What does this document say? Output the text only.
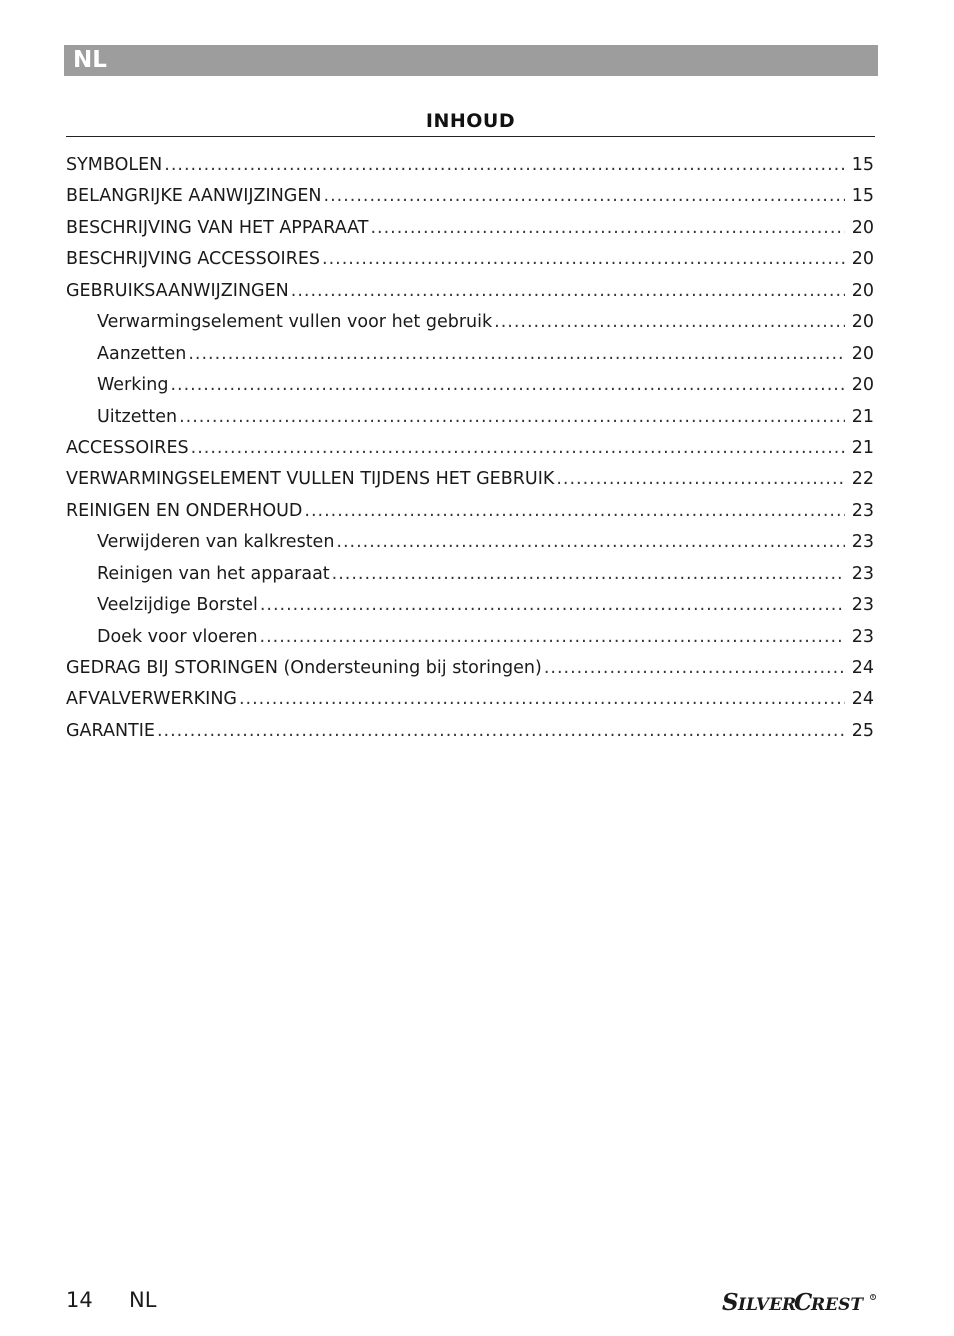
NL
INHOUD
SYMBOLEN .....	15
BELANGRIJKE AANWIJZINGEN .....	15
BESCHRIJVING VAN HET APPARAAT .....	20
BESCHRIJVING ACCESSOIRES .....	20
GEBRUIKSAANWIJZINGEN .....	20
Verwarmingselement vullen voor het gebruik .....	20
Aanzetten .....	20
Werking .....	20
Uitzetten .....	21
ACCESSOIRES .....	21
VERWARMINGSELEMENT VULLEN TIJDENS HET GEBRUIK .....	22
REINIGEN EN ONDERHOUD .....	23
Verwijderen van kalkresten .....	23
Reinigen van het apparaat .....	23
Veelzijdige Borstel .....	23
Doek voor vloeren .....	23
GEDRAG BIJ STORINGEN (Ondersteuning bij storingen) .....	24
AFVALVERWERKING .....	24
GARANTIE .....	25
14 NL	S ILVER
C
REST	R
